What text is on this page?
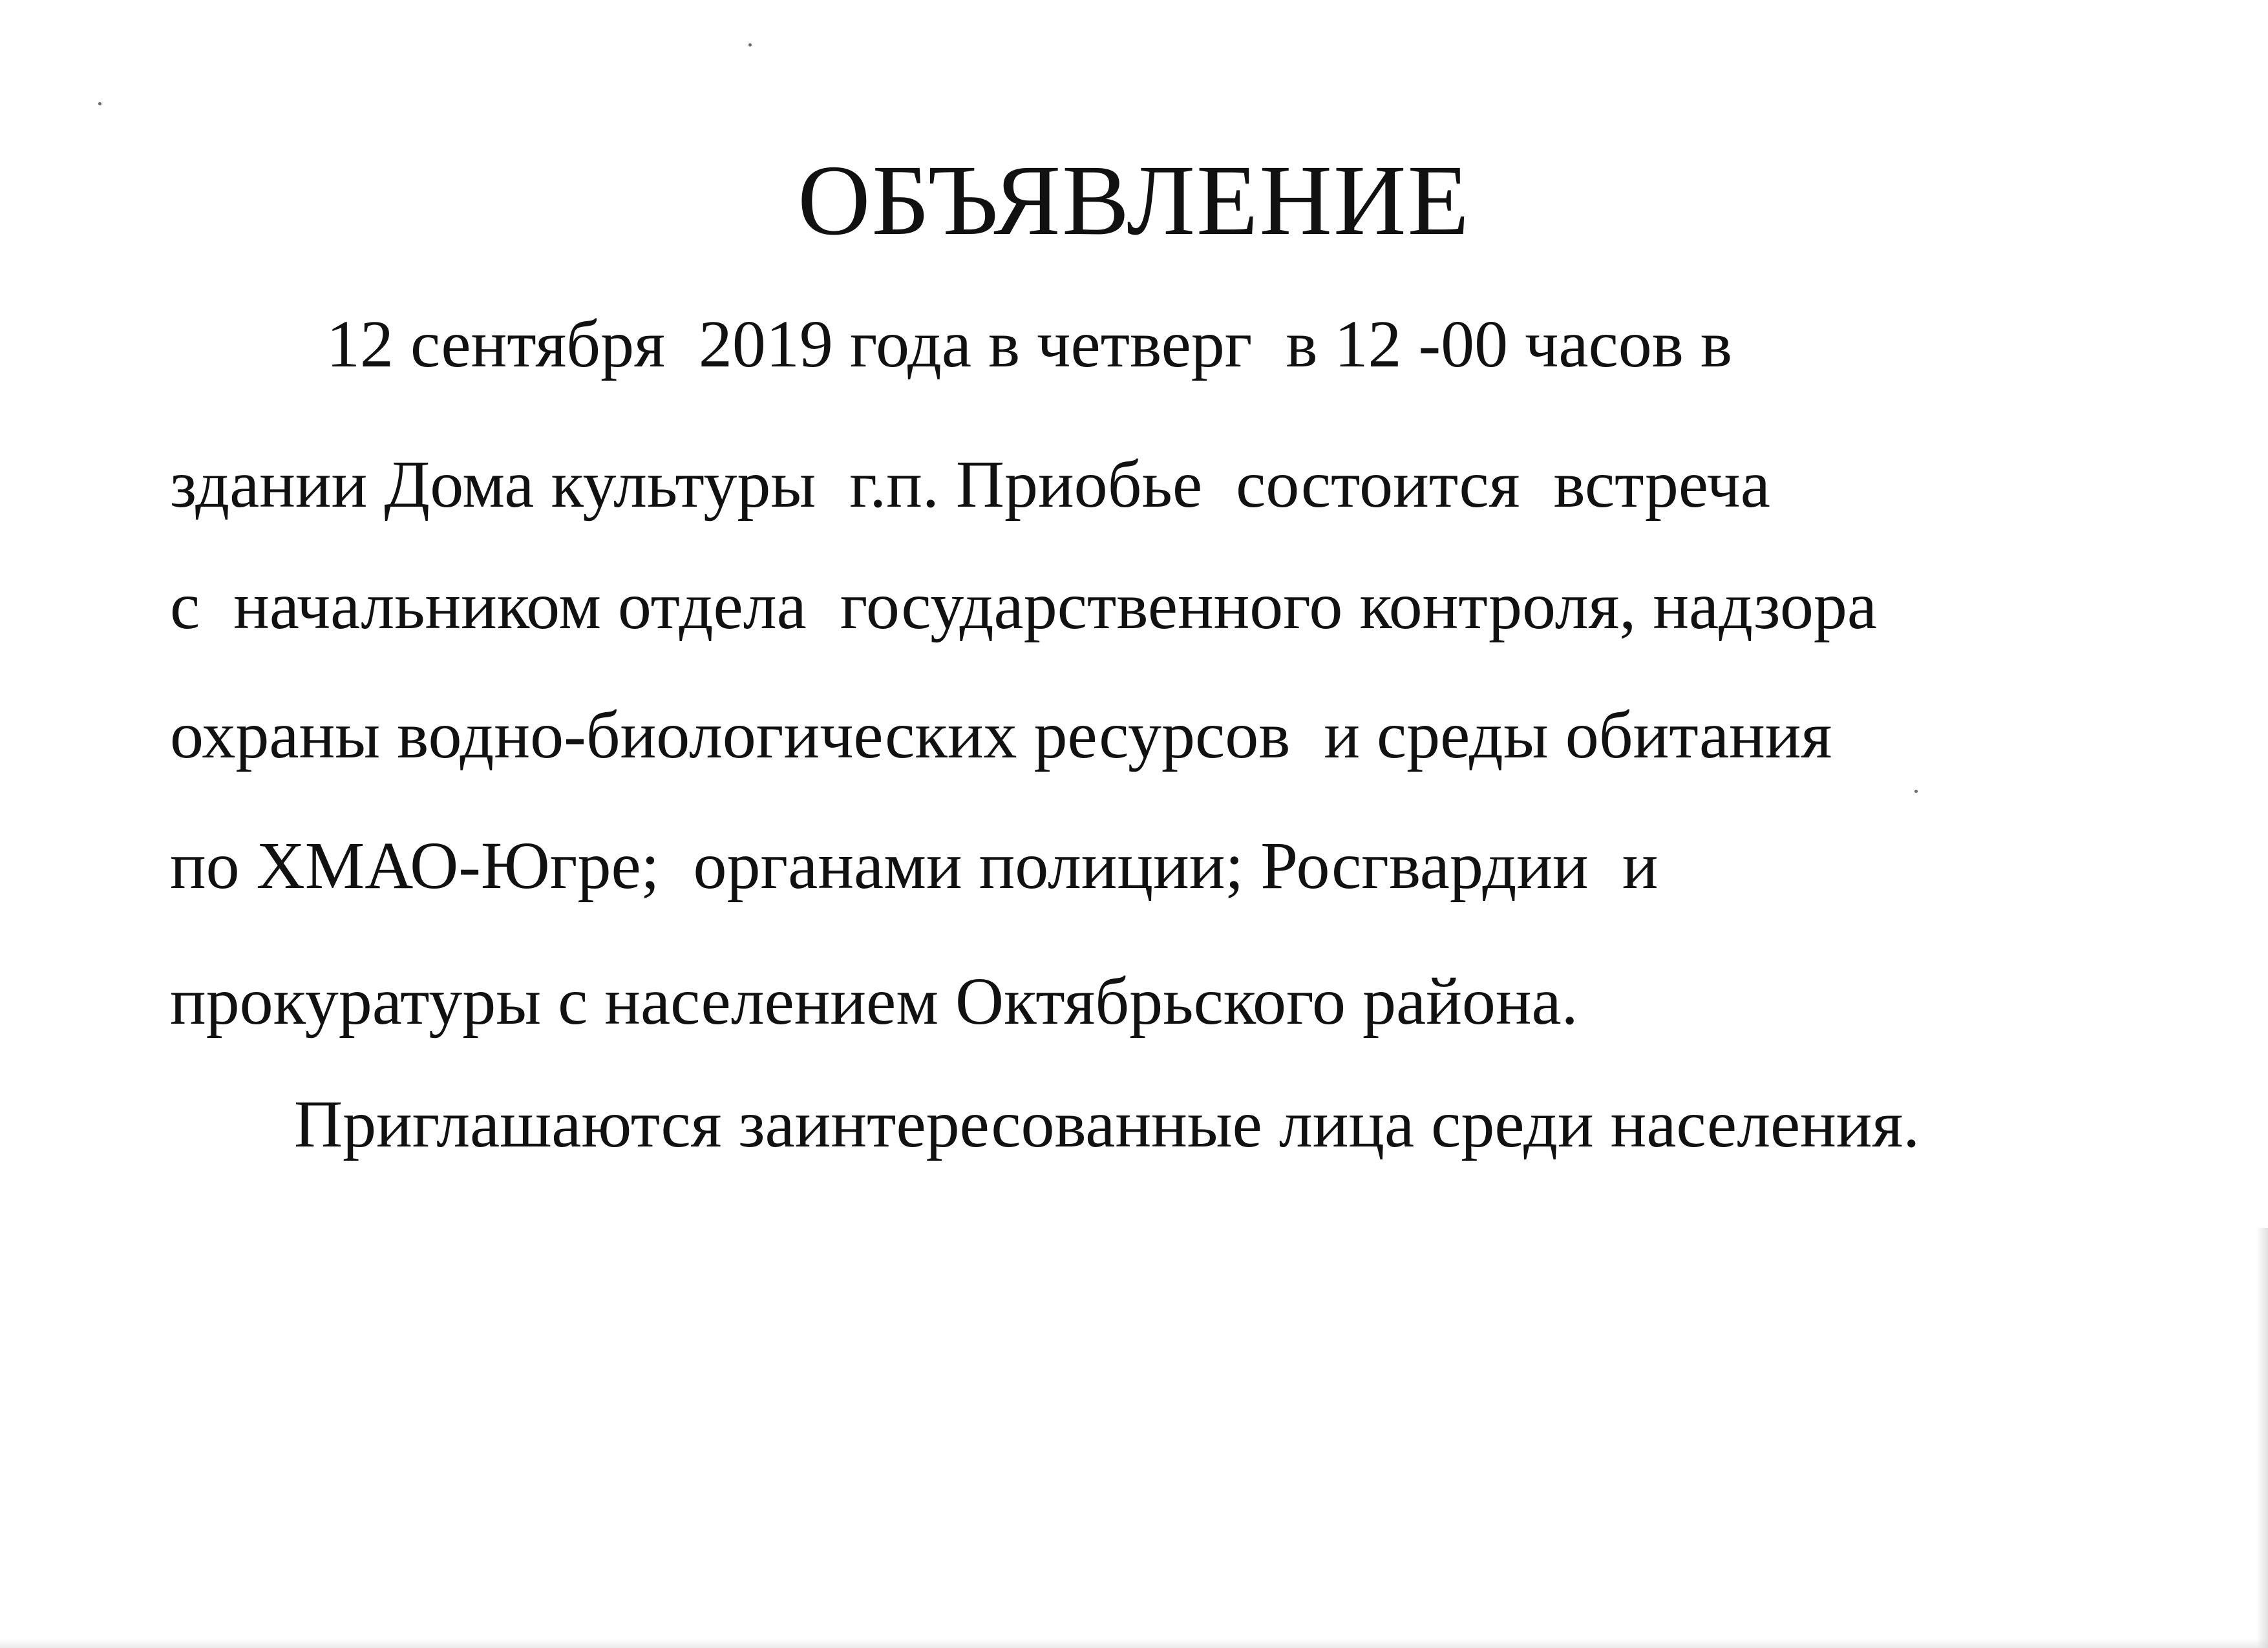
ОБЪЯВЛЕНИЕ
12 сентября  2019 года в четверг  в 12 -00 часов в
здании Дома культуры  г.п. Приобье  состоится  встреча
с  начальником отдела  государственного контроля, надзора
охраны водно-биологических ресурсов  и среды обитания
по ХМАО-Югре;  органами полиции; Росгвардии  и
прокуратуры с населением Октябрьского района.
Приглашаются заинтересованные лица среди населения.
